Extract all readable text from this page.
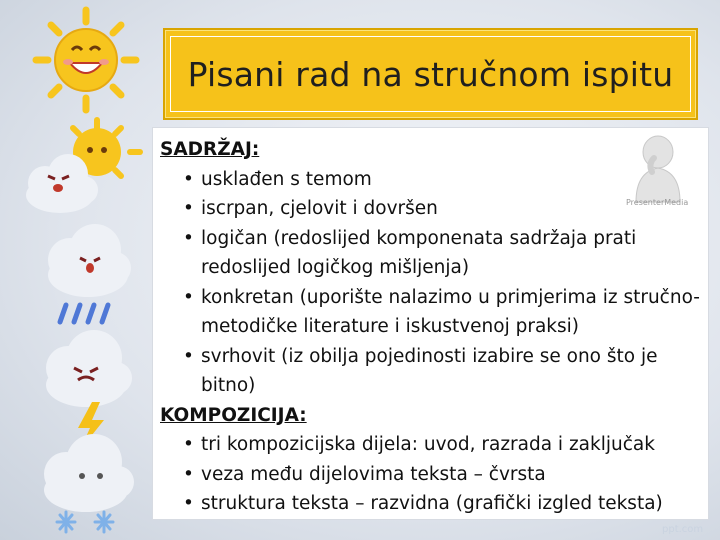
Pisani rad na stručnom ispitu
PresenterMedia
SADRŽAJ:
• usklađen s temom
• iscrpan, cjelovit i dovršen
• logičan (redoslijed komponenata sadržaja prati redoslijed logičkog mišljenja)
• konkretan (uporište nalazimo u primjerima iz stručno-metodičke literature i iskustvenoj praksi)
• svrhovit (iz obilja pojedinosti izabire se ono što je bitno)
KOMPOZICIJA:
• tri kompozicijska dijela: uvod, razrada i zaključak
• veza među dijelovima teksta – čvrsta
• struktura teksta – razvidna (grafički izgled teksta)
ppt.com
